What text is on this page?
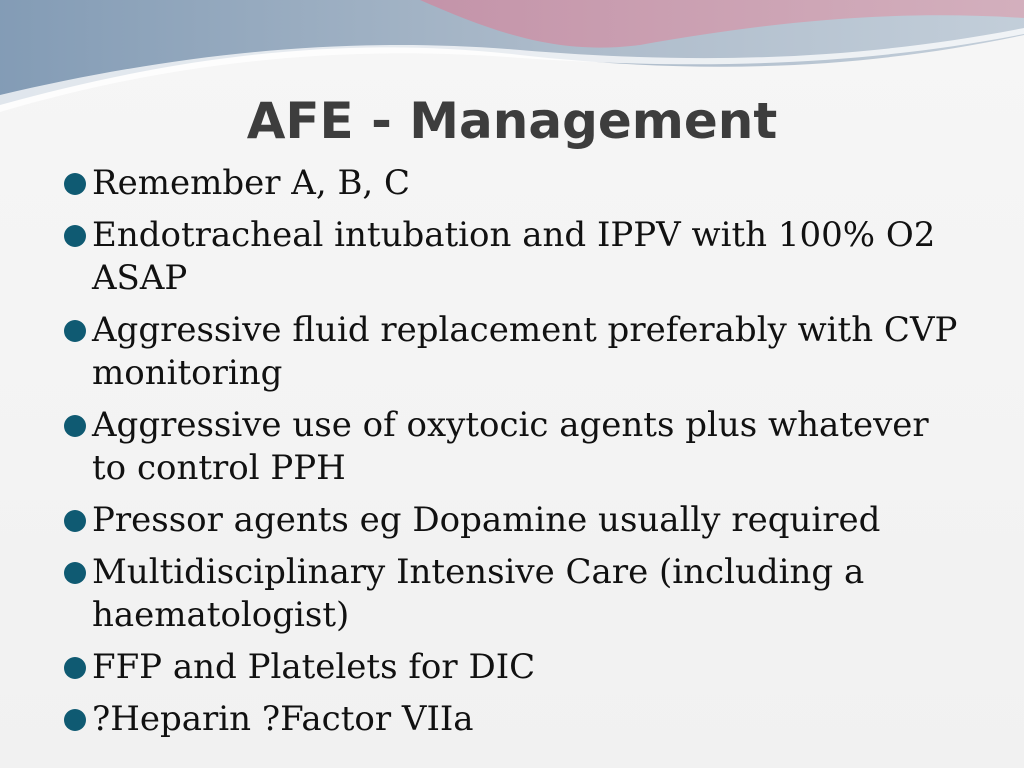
AFE - Management
Remember A, B, C
Endotracheal intubation and IPPV with 100% O2 ASAP
Aggressive fluid replacement preferably with CVP monitoring
Aggressive use of oxytocic agents plus whatever to control PPH
Pressor agents eg Dopamine usually required
Multidisciplinary Intensive Care (including a haematologist)
FFP and Platelets for DIC
?Heparin ?Factor VIIa
